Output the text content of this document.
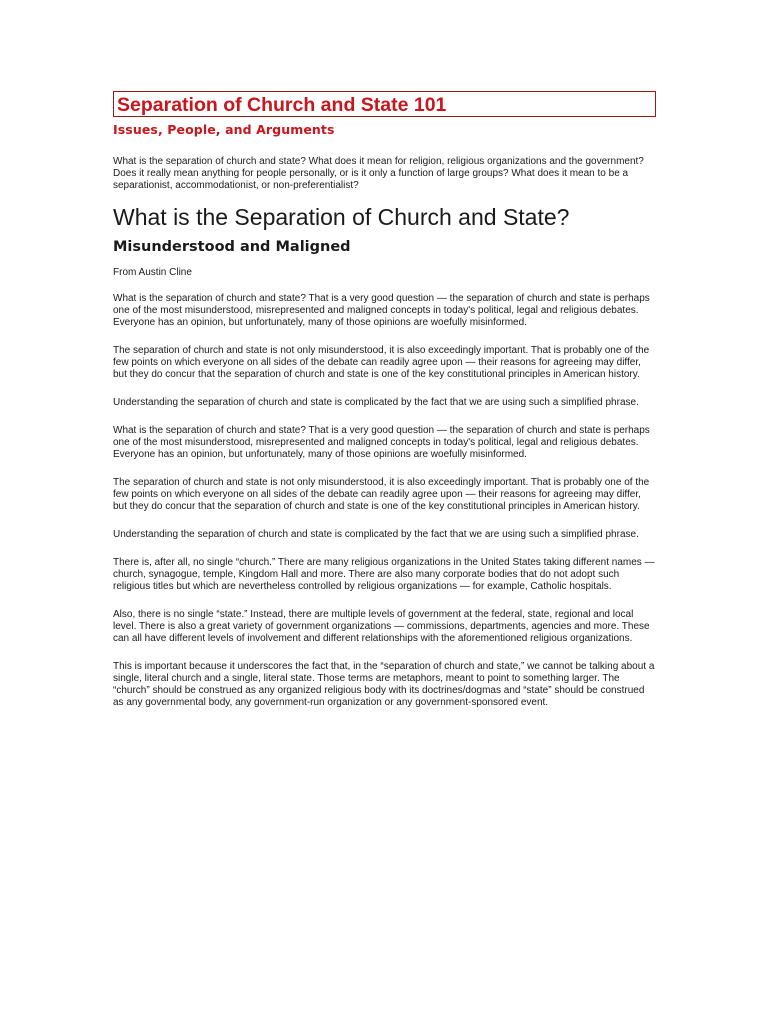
Separation of Church and State 101
Issues, People, and Arguments

What is the separation of church and state? What does it mean for religion, religious organizations and the government? Does it really mean anything for people personally, or is it only a function of large groups? What does it mean to be a separationist, accommodationist, or non-preferentialist?

What is the Separation of Church and State?
Misunderstood and Maligned

From Austin Cline

What is the separation of church and state? That is a very good question — the separation of church and state is perhaps one of the most misunderstood, misrepresented and maligned concepts in today's political, legal and religious debates. Everyone has an opinion, but unfortunately, many of those opinions are woefully misinformed.

The separation of church and state is not only misunderstood, it is also exceedingly important. That is probably one of the few points on which everyone on all sides of the debate can readily agree upon — their reasons for agreeing may differ, but they do concur that the separation of church and state is one of the key constitutional principles in American history.

Understanding the separation of church and state is complicated by the fact that we are using such a simplified phrase.

What is the separation of church and state? That is a very good question — the separation of church and state is perhaps one of the most misunderstood, misrepresented and maligned concepts in today's political, legal and religious debates. Everyone has an opinion, but unfortunately, many of those opinions are woefully misinformed.

The separation of church and state is not only misunderstood, it is also exceedingly important. That is probably one of the few points on which everyone on all sides of the debate can readily agree upon — their reasons for agreeing may differ, but they do concur that the separation of church and state is one of the key constitutional principles in American history.

Understanding the separation of church and state is complicated by the fact that we are using such a simplified phrase.

There is, after all, no single “church.” There are many religious organizations in the United States taking different names — church, synagogue, temple, Kingdom Hall and more. There are also many corporate bodies that do not adopt such religious titles but which are nevertheless controlled by religious organizations — for example, Catholic hospitals.

Also, there is no single “state.” Instead, there are multiple levels of government at the federal, state, regional and local level. There is also a great variety of government organizations — commissions, departments, agencies and more. These can all have different levels of involvement and different relationships with the aforementioned religious organizations.

This is important because it underscores the fact that, in the “separation of church and state,” we cannot be talking about a single, literal church and a single, literal state. Those terms are metaphors, meant to point to something larger. The “church” should be construed as any organized religious body with its doctrines/dogmas and “state” should be construed as any governmental body, any government-run organization or any government-sponsored event.
